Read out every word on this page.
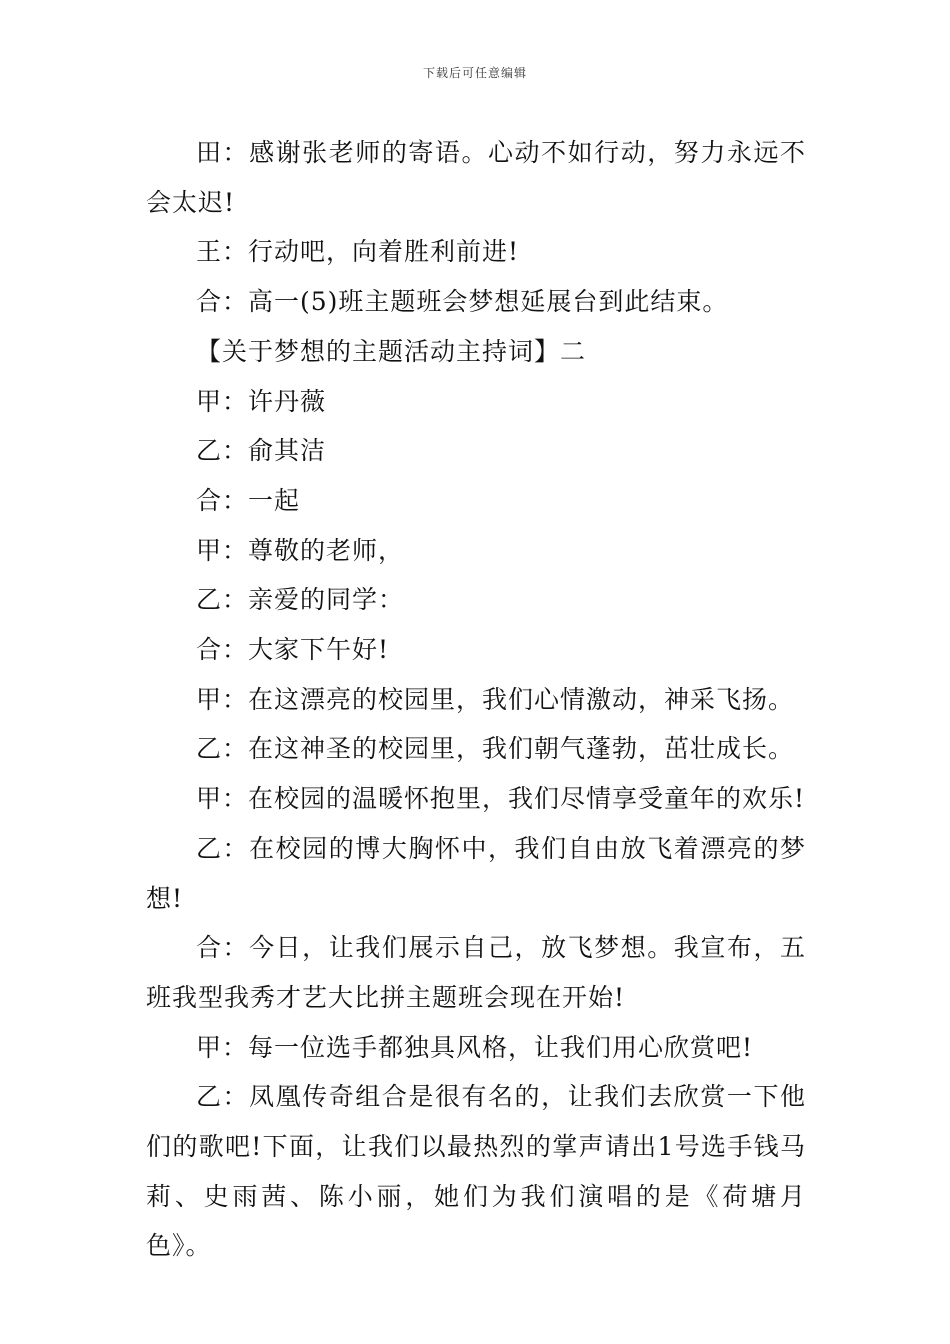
下载后可任意编辑

田：感谢张老师的寄语。心动不如行动，努力永远不会太迟!

王：行动吧，向着胜利前进!

合：高一(5)班主题班会梦想延展台到此结束。

【关于梦想的主题活动主持词】二

甲：许丹薇

乙：俞其洁

合：一起

甲：尊敬的老师，

乙：亲爱的同学：

合：大家下午好!

甲：在这漂亮的校园里，我们心情激动，神采飞扬。

乙：在这神圣的校园里，我们朝气蓬勃，茁壮成长。

甲：在校园的温暖怀抱里，我们尽情享受童年的欢乐!

乙：在校园的博大胸怀中，我们自由放飞着漂亮的梦想!

合：今日，让我们展示自己，放飞梦想。我宣布，五班我型我秀才艺大比拼主题班会现在开始!

甲：每一位选手都独具风格，让我们用心欣赏吧!

乙：凤凰传奇组合是很有名的，让我们去欣赏一下他们的歌吧!下面，让我们以最热烈的掌声请出1号选手钱马莉、史雨茜、陈小丽，她们为我们演唱的是《荷塘月色》。
